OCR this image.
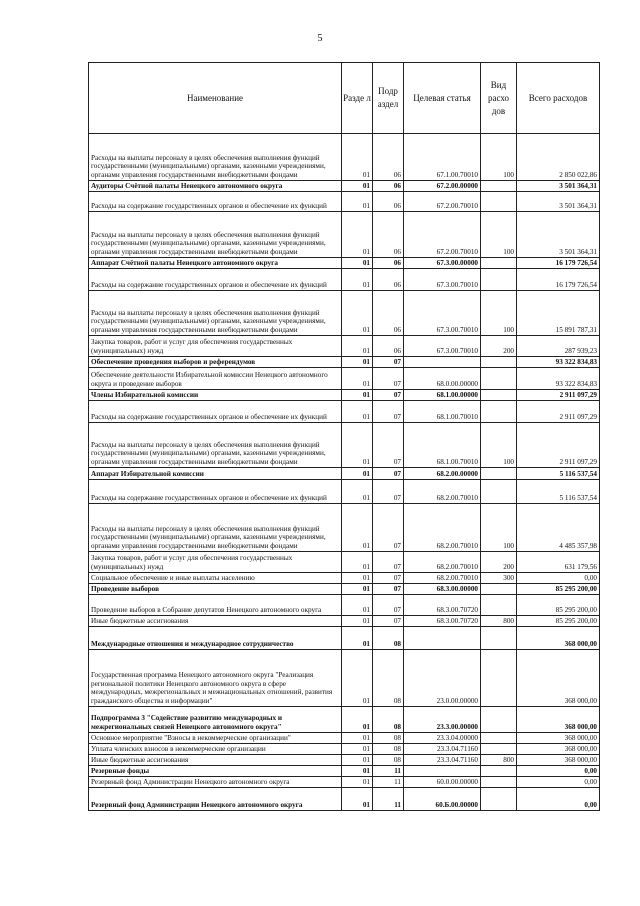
5
Наименование	Разде л	Подр аздел	Целевая статья	Вид расхо дов	Всего расходов
Расходы на выплаты персоналу в целях обеспечения выполнения функций государственными (муниципальными) органами, казенными учреждениями, органами управления государственными внебюджетными фондами	01	06	67.1.00.70010	100	2 850 022,86
Аудиторы Счётной палаты Ненецкого автономного округа	01	06	67.2.00.00000		3 501 364,31
Расходы на содержание государственных органов и обеспечение их функций	01	06	67.2.00.70010		3 501 364,31
Расходы на выплаты персоналу в целях обеспечения выполнения функций государственными (муниципальными) органами, казенными учреждениями, органами управления государственными внебюджетными фондами	01	06	67.2.00.70010	100	3 501 364,31
Аппарат Счётной палаты Ненецкого автономного округа	01	06	67.3.00.00000		16 179 726,54
Расходы на содержание государственных органов и обеспечение их функций	01	06	67.3.00.70010		16 179 726,54
Расходы на выплаты персоналу в целях обеспечения выполнения функций государственными (муниципальными) органами, казенными учреждениями, органами управления государственными внебюджетными фондами	01	06	67.3.00.70010	100	15 891 787,31
Закупка товаров, работ и услуг для обеспечения государственных (муниципальных) нужд	01	06	67.3.00.70010	200	287 939,23
Обеспечение проведения выборов и референдумов	01	07			93 322 834,83
Обеспечение деятельности Избирательной комиссии Ненецкого автономного округа и проведение выборов	01	07	68.0.00.00000		93 322 834,83
Члены Избирательной комиссии	01	07	68.1.00.00000		2 911 097,29
Расходы на содержание государственных органов и обеспечение их функций	01	07	68.1.00.70010		2 911 097,29
Расходы на выплаты персоналу в целях обеспечения выполнения функций государственными (муниципальными) органами, казенными учреждениями, органами управления государственными внебюджетными фондами	01	07	68.1.00.70010	100	2 911 097,29
Аппарат Избирательной комиссии	01	07	68.2.00.00000		5 116 537,54
Расходы на содержание государственных органов и обеспечение их функций	01	07	68.2.00.70010		5 116 537,54
Расходы на выплаты персоналу в целях обеспечения выполнения функций государственными (муниципальными) органами, казенными учреждениями, органами управления государственными внебюджетными фондами	01	07	68.2.00.70010	100	4 485 357,98
Закупка товаров, работ и услуг для обеспечения государственных (муниципальных) нужд	01	07	68.2.00.70010	200	631 179,56
Социальное обеспечение и иные выплаты населению	01	07	68.2.00.70010	300	0,00
Проведение выборов	01	07	68.3.00.00000		85 295 200,00
Проведение выборов в Собрание депутатов Ненецкого автономного округа	01	07	68.3.00.70720		85 295 200,00
Иные бюджетные ассигнования	01	07	68.3.00.70720	800	85 295 200,00
Международные отношения и международное сотрудничество	01	08			368 000,00
Государственная программа Ненецкого автономного округа "Реализация региональной политики Ненецкого автономного округа в сфере международных, межрегиональных и межнациональных отношений, развития гражданского общества и информации"	01	08	23.0.00.00000		368 000,00
Подпрограмма 3 "Содействие развитию международных и межрегиональных связей Ненецкого автономного округа"	01	08	23.3.00.00000		368 000,00
Основное мероприятие "Взносы в некоммерческие организации"	01	08	23.3.04.00000		368 000,00
Уплата членских взносов в некоммерческие организации	01	08	23.3.04.71160		368 000,00
Иные бюджетные ассигнования	01	08	23.3.04.71160	800	368 000,00
Резервные фонды	01	11			0,00
Резервный фонд Администрации Ненецкого автономного округа	01	11	60.0.00.00000		0,00
Резервный фонд Администрации Ненецкого автономного округа	01	11	60.Б.00.00000		0,00
